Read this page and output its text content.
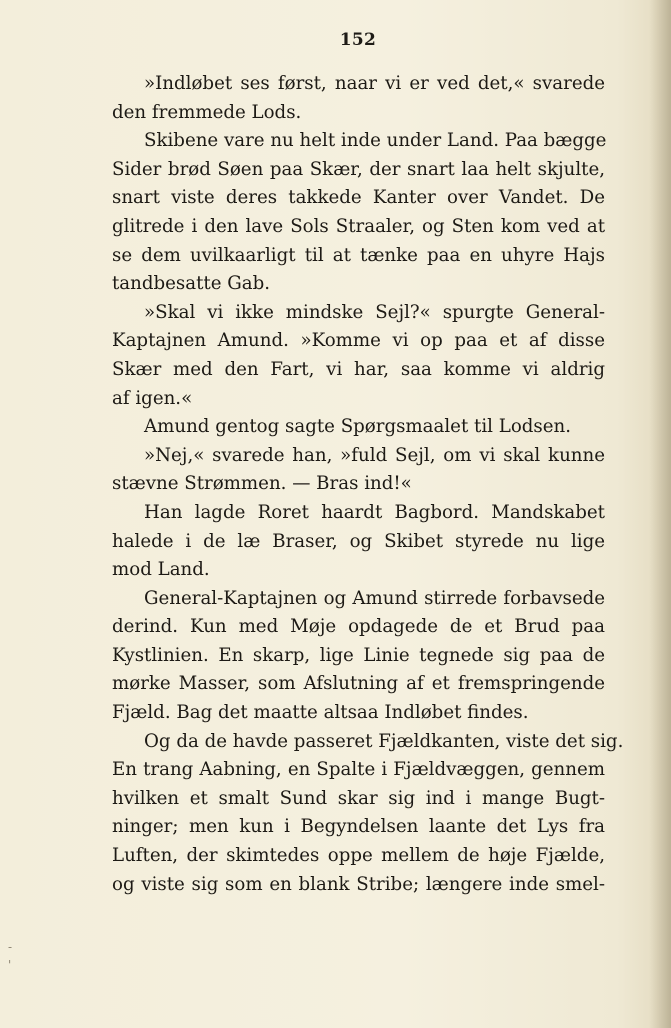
152
»Indløbet ses først, naar vi er ved det,« svarede
den fremmede Lods.
Skibene vare nu helt inde under Land. Paa bægge
Sider brød Søen paa Skær, der snart laa helt skjulte,
snart viste deres takkede Kanter over Vandet. De
glitrede i den lave Sols Straaler, og Sten kom ved at
se dem uvilkaarligt til at tænke paa en uhyre Hajs
tandbesatte Gab.
»Skal vi ikke mindske Sejl?« spurgte General-
Kaptajnen Amund. »Komme vi op paa et af disse
Skær med den Fart, vi har, saa komme vi aldrig
af igen.«
Amund gentog sagte Spørgsmaalet til Lodsen.
»Nej,« svarede han, »fuld Sejl, om vi skal kunne
stævne Strømmen. — Bras ind!«
Han lagde Roret haardt Bagbord. Mandskabet
halede i de læ Braser, og Skibet styrede nu lige
mod Land.
General-Kaptajnen og Amund stirrede forbavsede
derind. Kun med Møje opdagede de et Brud paa
Kystlinien. En skarp, lige Linie tegnede sig paa de
mørke Masser, som Afslutning af et fremspringende
Fjæld. Bag det maatte altsaa Indløbet findes.
Og da de havde passeret Fjældkanten, viste det sig.
En trang Aabning, en Spalte i Fjældvæggen, gennem
hvilken et smalt Sund skar sig ind i mange Bugt-
ninger; men kun i Begyndelsen laante det Lys fra
Luften, der skimtedes oppe mellem de høje Fjælde,
og viste sig som en blank Stribe; længere inde smel-
-
'
